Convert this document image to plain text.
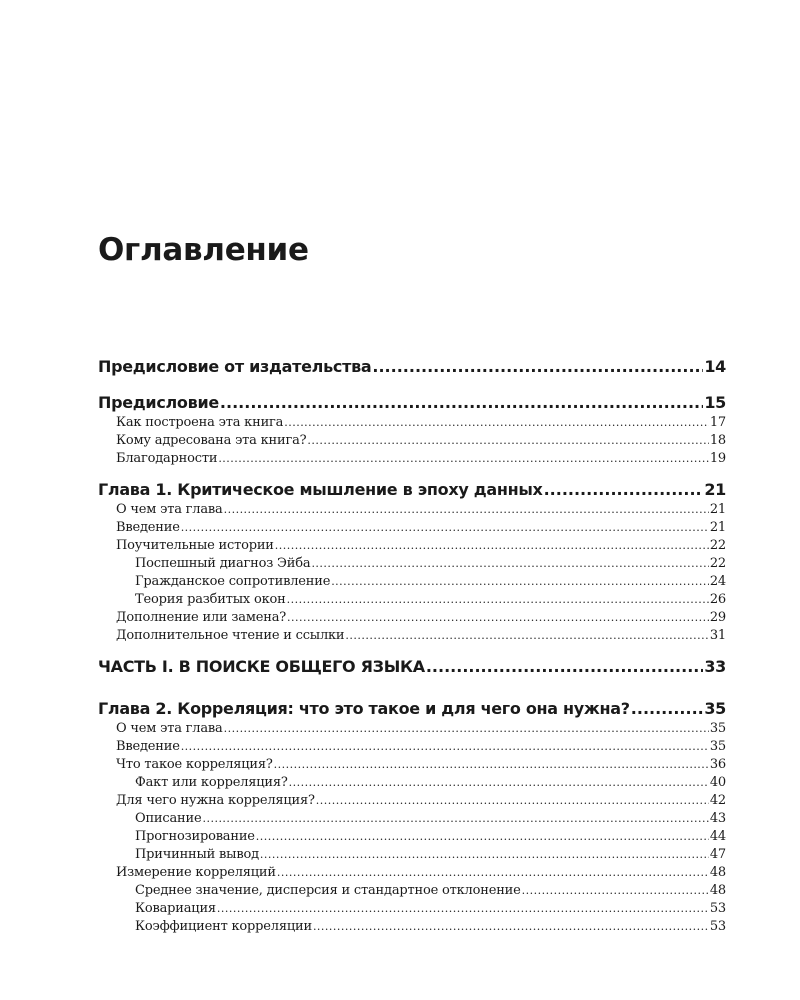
Оглавление
Предисловие от издательства .....	14
Предисловие .....	15
Как построена эта книга .....	17
Кому адресована эта книга? .....	18
Благодарности .....	19
Глава 1. Критическое мышление в эпоху данных .....	21
О чем эта глава .....	21
Введение .....	21
Поучительные истории .....	22
Поспешный диагноз Эйба .....	22
Гражданское сопротивление .....	24
Теория разбитых окон .....	26
Дополнение или замена? .....	29
Дополнительное чтение и ссылки .....	31
ЧАСТЬ I. В ПОИСКЕ ОБЩЕГО ЯЗЫКА .....	33
Глава 2. Корреляция: что это такое и для чего она нужна? .....	35
О чем эта глава .....	35
Введение .....	35
Что такое корреляция? .....	36
Факт или корреляция? .....	40
Для чего нужна корреляция? .....	42
Описание .....	43
Прогнозирование .....	44
Причинный вывод .....	47
Измерение корреляций .....	48
Среднее значение, дисперсия и стандартное отклонение .....	48
Ковариация .....	53
Коэффициент корреляции .....	53
